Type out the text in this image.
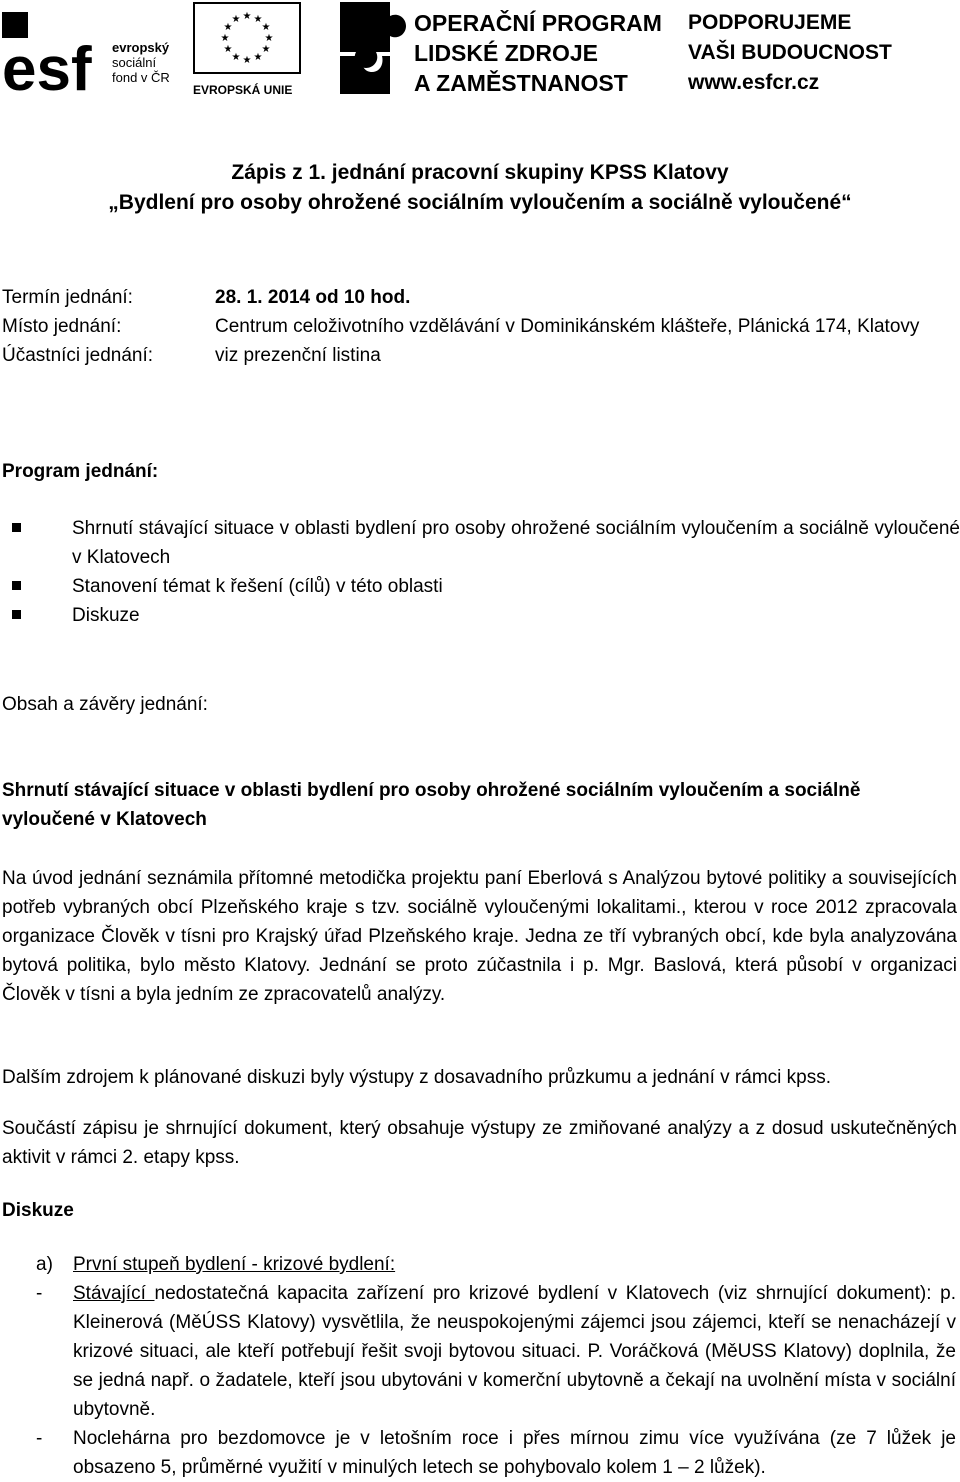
esf evropský
sociální
fond v ČR
★ ★
★
★
★
★
★
★
★
★
★
★
EVROPSKÁ UNIE
OPERAČNÍ PROGRAM
LIDSKÉ ZDROJE
A ZAMĚSTNANOST
PODPORUJEME
VAŠI BUDOUCNOST
www.esfcr.cz
Zápis z 1. jednání pracovní skupiny KPSS Klatovy
„Bydlení pro osoby ohrožené sociálním vyloučením a sociálně vyloučené“
Termín jednání:	28. 1. 2014 od 10 hod.
Místo jednání:	Centrum celoživotního vzdělávání v Dominikánském klášteře, Plánická 174, Klatovy
Účastníci jednání:	viz prezenční listina
Program jednání:
Shrnutí stávající situace v oblasti bydlení pro osoby ohrožené sociálním vyloučením a sociálně vyloučené v Klatovech
Stanovení témat k řešení (cílů) v této oblasti
Diskuze
Obsah a závěry jednání:
Shrnutí stávající situace v oblasti bydlení pro osoby ohrožené sociálním vyloučením a sociálně vyloučené v Klatovech
Na úvod jednání seznámila přítomné metodička projektu paní Eberlová s Analýzou bytové politiky a souvisejících potřeb vybraných obcí Plzeňského kraje s tzv. sociálně vyloučenými lokalitami., kterou v roce 2012 zpracovala organizace Člověk v tísni pro Krajský úřad Plzeňského kraje. Jedna ze tří vybraných obcí, kde byla analyzována bytová politika, bylo město Klatovy. Jednání se proto zúčastnila i p. Mgr. Baslová, která působí v organizaci Člověk v tísni a byla jedním ze zpracovatelů analýzy.
Dalším zdrojem k plánované diskuzi byly výstupy z dosavadního průzkumu a jednání v rámci kpss.
Součástí zápisu je shrnující dokument, který obsahuje výstupy ze zmiňované analýzy a z dosud uskutečněných aktivit v rámci 2. etapy kpss.
Diskuze
a) První stupeň bydlení - krizové bydlení:
- Stávající nedostatečná kapacita zařízení pro krizové bydlení v Klatovech (viz shrnující dokument): p. Kleinerová (MěÚSS Klatovy) vysvětlila, že neuspokojenými zájemci jsou zájemci, kteří se nenacházejí v krizové situaci, ale kteří potřebují řešit svoji bytovou situaci. P. Voráčková (MěUSS Klatovy) doplnila, že se jedná např. o žadatele, kteří jsou ubytováni v komerční ubytovně a čekají na uvolnění místa v sociální ubytovně.
- Noclehárna pro bezdomovce je v letošním roce i přes mírnou zimu více využívána (ze 7 lůžek je obsazeno 5, průměrné využití v minulých letech se pohybovalo kolem 1 – 2 lůžek).
